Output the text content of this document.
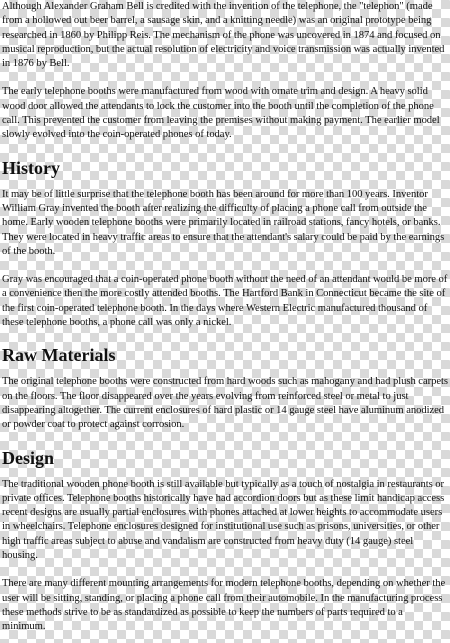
Although Alexander Graham Bell is credited with the invention of the telephone, the "telephon" (made from a hollowed out beer barrel, a sausage skin, and a knitting needle) was an original prototype being researched in 1860 by Philipp Reis. The mechanism of the phone was uncovered in 1874 and focused on musical reproduction, but the actual resolution of electricity and voice transmission was actually invented in 1876 by Bell.

The early telephone booths were manufactured from wood with ornate trim and design. A heavy solid wood door allowed the attendants to lock the customer into the booth until the completion of the phone call. This prevented the customer from leaving the premises without making payment. The earlier model slowly evolved into the coin-operated phones of today.

History

It may be of little surprise that the telephone booth has been around for more than 100 years. Inventor William Gray invented the booth after realizing the difficulty of placing a phone call from outside the home. Early wooden telephone booths were primarily located in railroad stations, fancy hotels, or banks. They were located in heavy traffic areas to ensure that the attendant's salary could be paid by the earnings of the booth.

Gray was encouraged that a coin-operated phone booth without the need of an attendant would be more of a convenience then the more costly attended booths. The Hartford Bank in Connecticut became the site of the first coin-operated telephone booth. In the days where Western Electric manufactured thousand of these telephone booths, a phone call was only a nickel.

Raw Materials

The original telephone booths were constructed from hard woods such as mahogany and had plush carpets on the floors. The floor disappeared over the years evolving from reinforced steel or metal to just disappearing altogether. The current enclosures of hard plastic or 14 gauge steel have aluminum anodized or powder coat to protect against corrosion.

Design

The traditional wooden phone booth is still available but typically as a touch of nostalgia in restaurants or private offices. Telephone booths historically have had accordion doors but as these limit handicap access recent designs are usually partial enclosures with phones attached at lower heights to accommodate users in wheelchairs. Telephone enclosures designed for institutional use such as prisons, universities, or other high traffic areas subject to abuse and vandalism are constructed from heavy duty (14 gauge) steel housing.

There are many different mounting arrangements for modern telephone booths, depending on whether the user will be sitting, standing, or placing a phone call from their automobile. In the manufacturing process these methods strive to be as standardized as possible to keep the numbers of parts required to a minimum.
